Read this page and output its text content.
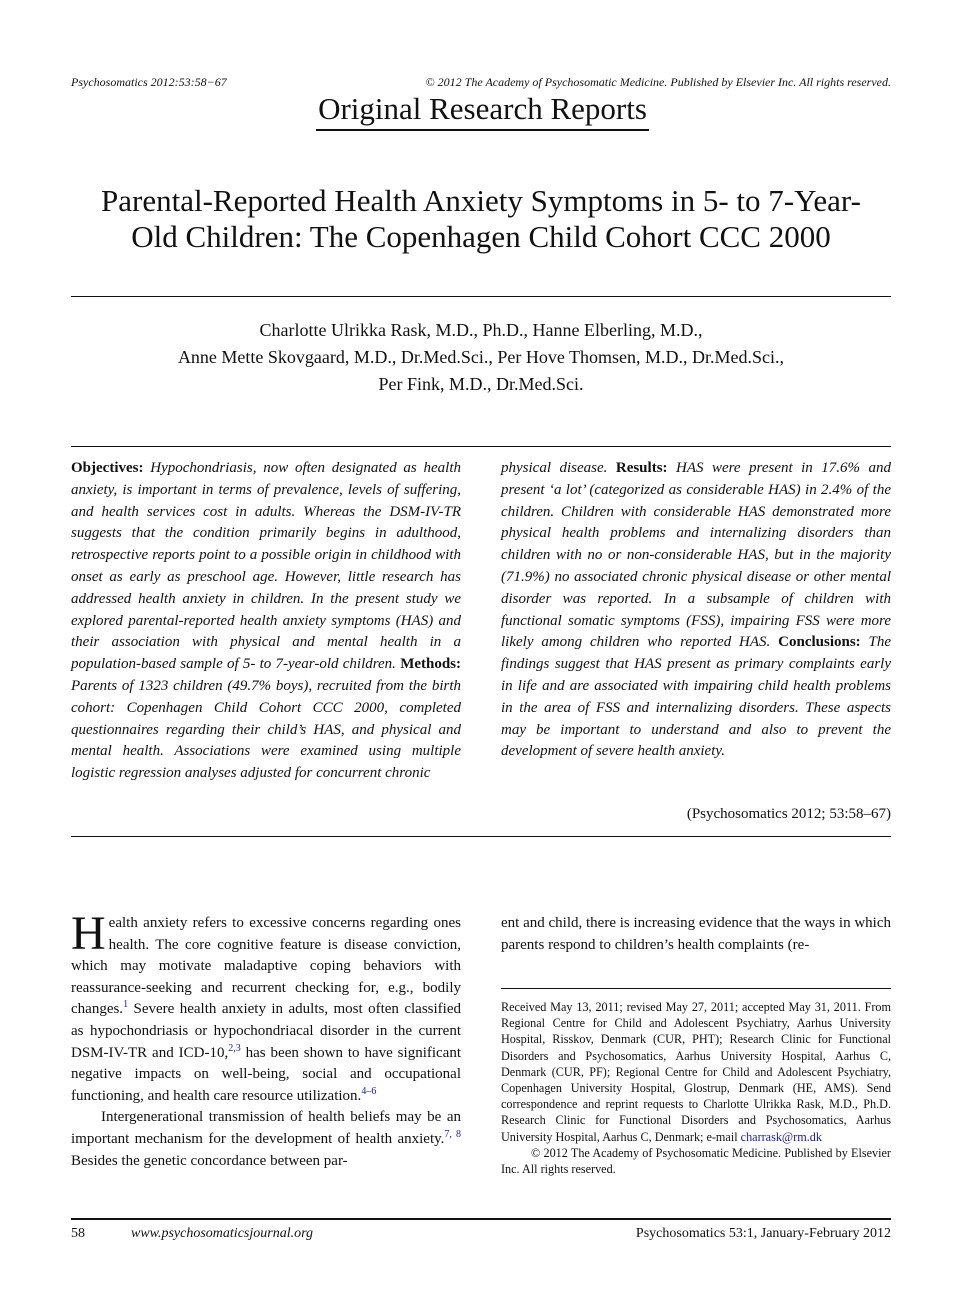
Psychosomatics 2012:53:58−67	© 2012 The Academy of Psychosomatic Medicine. Published by Elsevier Inc. All rights reserved.
Original Research Reports
Parental-Reported Health Anxiety Symptoms in 5- to 7-Year-
Old Children: The Copenhagen Child Cohort CCC 2000
Charlotte Ulrikka Rask, M.D., Ph.D., Hanne Elberling, M.D.,
Anne Mette Skovgaard, M.D., Dr.Med.Sci., Per Hove Thomsen, M.D., Dr.Med.Sci.,
Per Fink, M.D., Dr.Med.Sci.
Objectives: Hypochondriasis, now often designated as health anxiety, is important in terms of prevalence, levels of suffering, and health services cost in adults. Whereas the DSM-IV-TR suggests that the condition primarily begins in adulthood, retrospective reports point to a possible origin in childhood with onset as early as preschool age. However, little research has addressed health anxiety in children. In the present study we explored parental-reported health anxiety symptoms (HAS) and their association with physical and mental health in a population-based sample of 5- to 7-year-old children. Methods: Parents of 1323 children (49.7% boys), recruited from the birth cohort: Copenhagen Child Cohort CCC 2000, completed questionnaires regarding their child’s HAS, and physical and mental health. Associations were examined using multiple logistic regression analyses adjusted for concurrent chronic
physical disease. Results: HAS were present in 17.6% and present ‘a lot’ (categorized as considerable HAS) in 2.4% of the children. Children with considerable HAS demonstrated more physical health problems and internalizing disorders than children with no or non-considerable HAS, but in the majority (71.9%) no associated chronic physical disease or other mental disorder was reported. In a subsample of children with functional somatic symptoms (FSS), impairing FSS were more likely among children who reported HAS. Conclusions: The findings suggest that HAS present as primary complaints early in life and are associated with impairing child health problems in the area of FSS and internalizing disorders. These aspects may be important to understand and also to prevent the development of severe health anxiety.
(Psychosomatics 2012; 53:58–67)
Health anxiety refers to excessive concerns regarding ones health. The core cognitive feature is disease conviction, which may motivate maladaptive coping behaviors with reassurance-seeking and recurrent checking for, e.g., bodily changes.$^1$ Severe health anxiety in adults, most often classified as hypochondriasis or hypochondriacal disorder in the current DSM-IV-TR and ICD-10,$^{2,3}$ has been shown to have significant negative impacts on well-being, social and occupational functioning, and health care resource utilization.$^{4-6}$
Intergenerational transmission of health beliefs may be an important mechanism for the development of health anxiety.$^{7, 8}$ Besides the genetic concordance between par-
ent and child, there is increasing evidence that the ways in which parents respond to children’s health complaints (re-
Received May 13, 2011; revised May 27, 2011; accepted May 31, 2011. From Regional Centre for Child and Adolescent Psychiatry, Aarhus University Hospital, Risskov, Denmark (CUR, PHT); Research Clinic for Functional Disorders and Psychosomatics, Aarhus University Hospital, Aarhus C, Denmark (CUR, PF); Regional Centre for Child and Adolescent Psychiatry, Copenhagen University Hospital, Glostrup, Denmark (HE, AMS). Send correspondence and reprint requests to Charlotte Ulrikka Rask, M.D., Ph.D. Research Clinic for Functional Disorders and Psychosomatics, Aarhus University Hospital, Aarhus C, Denmark; e-mail charrask@rm.dk
© 2012 The Academy of Psychosomatic Medicine. Published by Elsevier Inc. All rights reserved.
58	www.psychosomaticsjournal.org	Psychosomatics 53:1, January-February 2012
